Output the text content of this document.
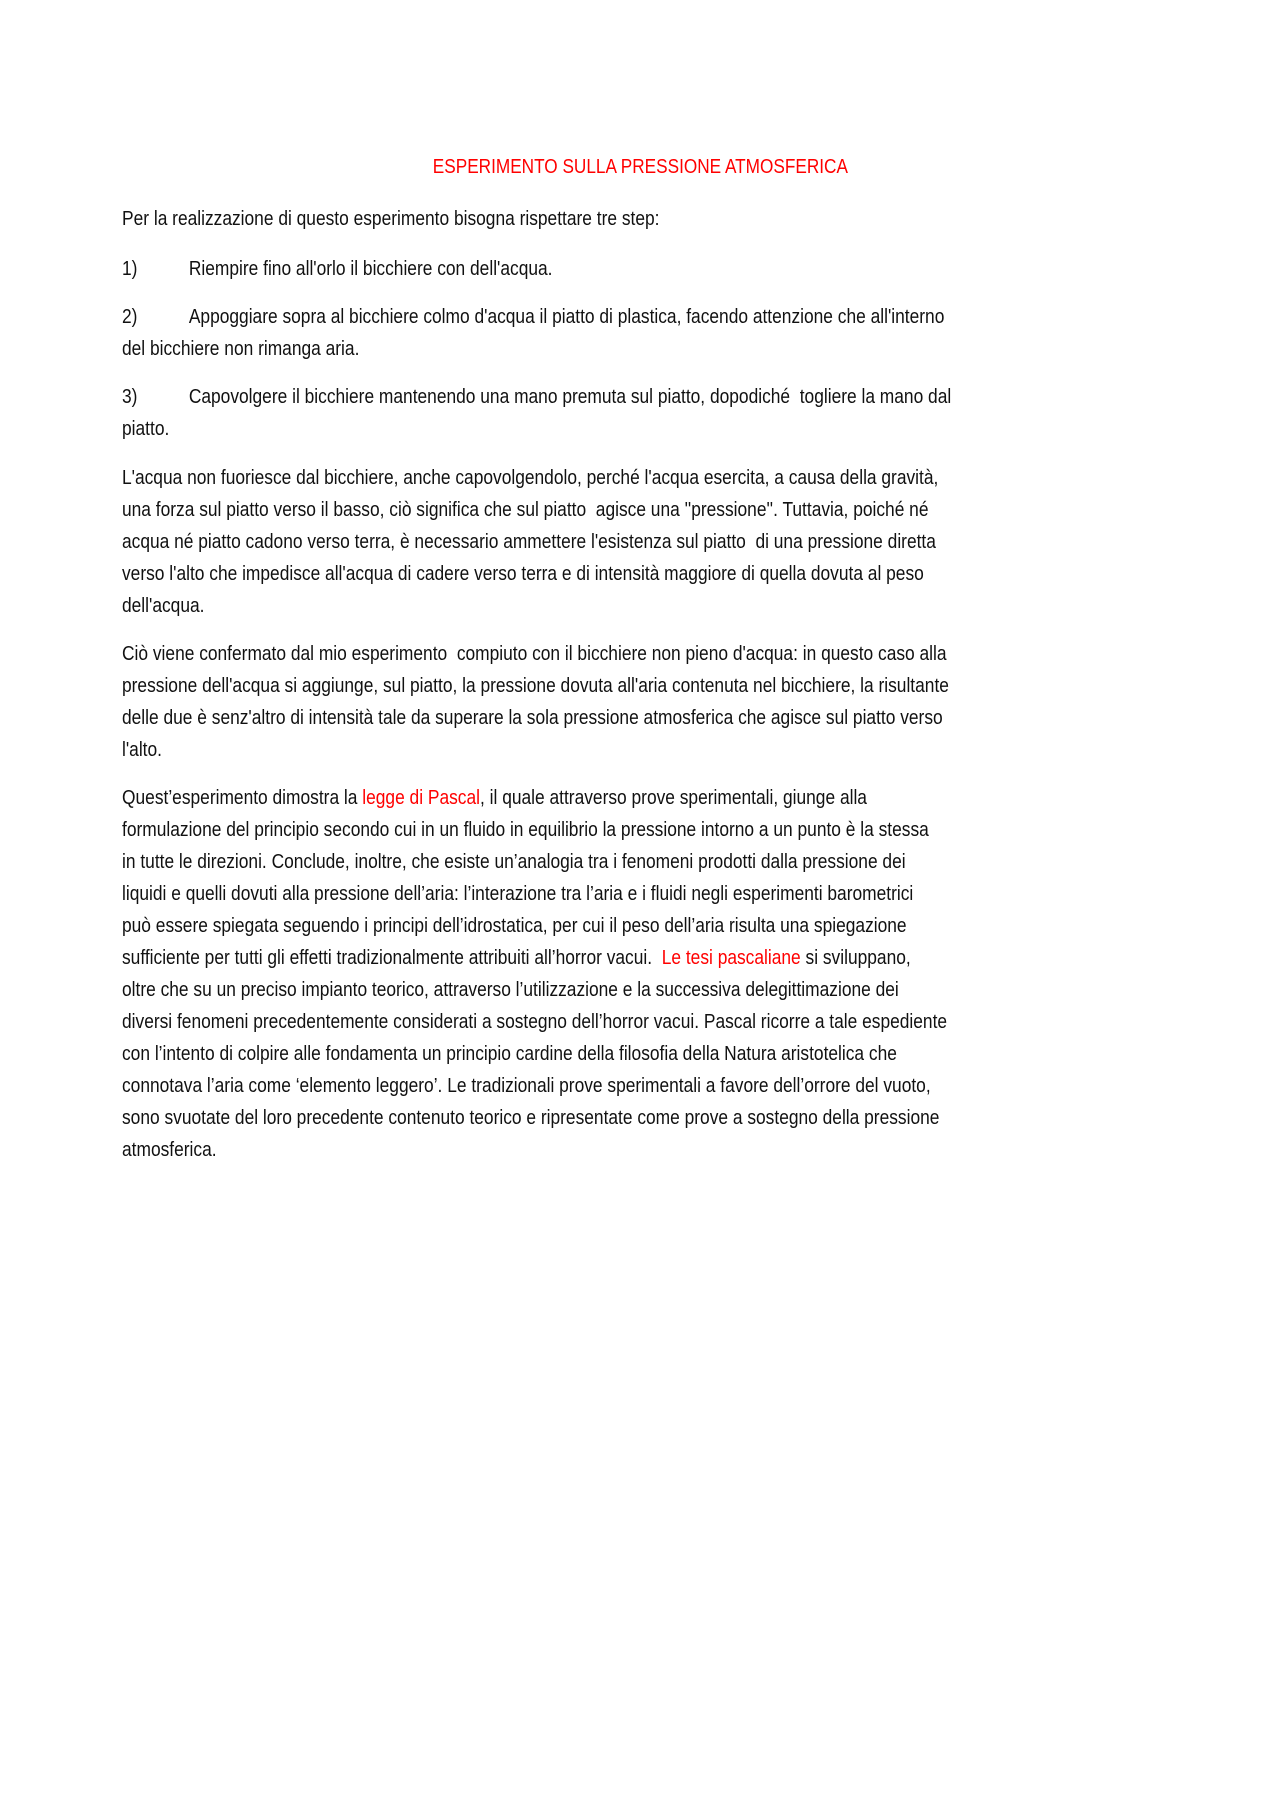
ESPERIMENTO SULLA PRESSIONE ATMOSFERICA
Per la realizzazione di questo esperimento bisogna rispettare tre step:
1)	Riempire fino all'orlo il bicchiere con dell'acqua.
2)	Appoggiare sopra al bicchiere colmo d'acqua il piatto di plastica, facendo attenzione che all'interno
del bicchiere non rimanga aria.
3)	Capovolgere il bicchiere mantenendo una mano premuta sul piatto, dopodiché  togliere la mano dal
piatto.
L'acqua non fuoriesce dal bicchiere, anche capovolgendolo, perché l'acqua esercita, a causa della gravità,
una forza sul piatto verso il basso, ciò significa che sul piatto  agisce una ''pressione''. Tuttavia, poiché né
acqua né piatto cadono verso terra, è necessario ammettere l'esistenza sul piatto  di una pressione diretta
verso l'alto che impedisce all'acqua di cadere verso terra e di intensità maggiore di quella dovuta al peso
dell'acqua.
Ciò viene confermato dal mio esperimento  compiuto con il bicchiere non pieno d'acqua: in questo caso alla
pressione dell'acqua si aggiunge, sul piatto, la pressione dovuta all'aria contenuta nel bicchiere, la risultante
delle due è senz'altro di intensità tale da superare la sola pressione atmosferica che agisce sul piatto verso
l'alto.
Quest’esperimento dimostra la legge di Pascal, il quale attraverso prove sperimentali, giunge alla
formulazione del principio secondo cui in un fluido in equilibrio la pressione intorno a un punto è la stessa
in tutte le direzioni. Conclude, inoltre, che esiste un’analogia tra i fenomeni prodotti dalla pressione dei
liquidi e quelli dovuti alla pressione dell’aria: l’interazione tra l’aria e i fluidi negli esperimenti barometrici
può essere spiegata seguendo i principi dell’idrostatica, per cui il peso dell’aria risulta una spiegazione
sufficiente per tutti gli effetti tradizionalmente attribuiti all’horror vacui.  Le tesi pascaliane si sviluppano,
oltre che su un preciso impianto teorico, attraverso l’utilizzazione e la successiva delegittimazione dei
diversi fenomeni precedentemente considerati a sostegno dell’horror vacui. Pascal ricorre a tale espediente
con l’intento di colpire alle fondamenta un principio cardine della filosofia della Natura aristotelica che
connotava l’aria come ‘elemento leggero’. Le tradizionali prove sperimentali a favore dell’orrore del vuoto,
sono svuotate del loro precedente contenuto teorico e ripresentate come prove a sostegno della pressione
atmosferica.
